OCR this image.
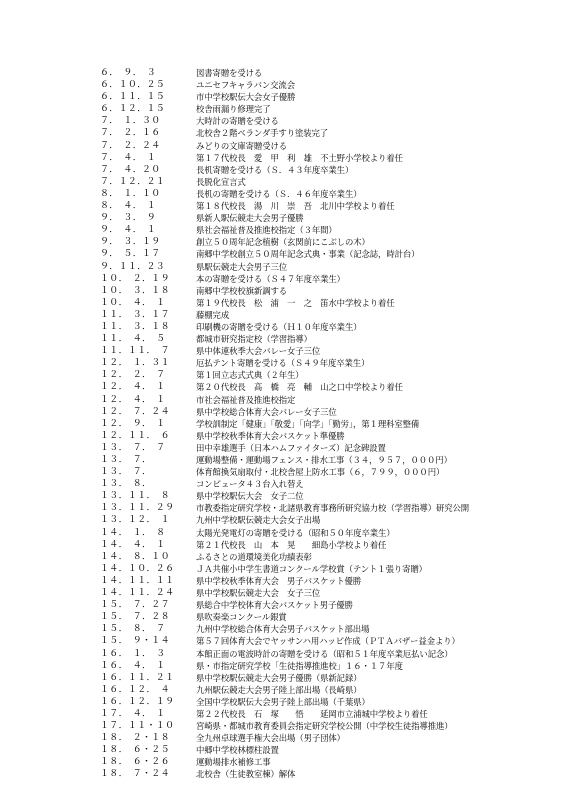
６．　９．　３	図書寄贈を受ける
６．１０．２５	ユニセフキャラバン交流会
６．１１．１５	市中学校駅伝大会女子優勝
６．１２．１５	校舎雨漏り修理完了
７．　１．３０	大時計の寄贈を受ける
７．　２．１６	北校舎２階ベランダ手すり塗装完了
７．　２．２４	みどりの文庫寄贈受ける
７．　４．　１	第１７代校長　愛　甲　利　雄　不土野小学校より着任
７．　４．２０	長机寄贈を受ける（Ｓ．４３年度卒業生）
７．１２．２１	長脱化宣言式
８．　１．１０	長机の寄贈を受ける（Ｓ．４６年度卒業生）
８．　４．　１	第１８代校長　湯　川　崇　吾　北川中学校より着任
９．　３．　９	県新人駅伝競走大会男子優勝
９．　４．　１	県社会福祉普及推進校指定（３年間）
９．　３．１９	創立５０周年記念植樹（玄関前にこぶしの木）
９．　５．１７	南郷中学校創立５０周年記念式典・事業（記念誌，時計台）
９．１１．２３	県駅伝競走大会男子三位
１０．　２．１９	本の寄贈を受ける（Ｓ４７年度卒業生）
１０．　３．１８	南郷中学校校旗新調する
１０．　４．　１	第１９代校長　松　浦　一　之　笛水中学校より着任
１１．　３．１７	藤棚完成
１１．　３．１８	印刷機の寄贈を受ける（Ｈ１０年度卒業生）
１１．　４．　５	都城市研究指定校（学習指導）
１１．１１．　７	県中体連秋季大会バレー女子三位
１２．　１．３１	厄払テント寄贈を受ける（Ｓ４９年度卒業生）
１２．　２．　７	第１回立志式式典（２年生）
１２．　４．　１	第２０代校長　高　橋　亮　輔　山之口中学校より着任
１２．　４．　１	市社会福祉普及推進校指定
１２．　７．２４	県中学校総合体育大会バレー女子三位
１２．　９．　１	学校訓制定「健康」「敬愛」「向学」「勤労」，第１理科室整備
１２．１１．　６	県中学校秋季体育大会バスケット準優勝
１３．　７．　７	田中幸雄選手（日本ハムファイターズ）記念碑設置
１３．　７．	運動場整備・運動場フェンス・排水工事（３４，９５７，０００円）
１３．　７．	体育館換気扇取付・北校舎屋上防水工事（６，７９９，０００円）
１３．　８．	コンピュータ４３台入れ替え
１３．１１．　８	県中学校駅伝大会　女子二位
１３．１１．２９	市教委指定研究学校・北諸県教育事務所研究協力校（学習指導）研究公開
１３．１２．　１	九州中学校駅伝競走大会女子出場
１４．　１．　８	太陽光発電灯の寄贈を受ける（昭和５０年度卒業生）
１４．　４．　１	第２１代校長　山　本　晃　　細島小学校より着任
１４．　８．１０	ふるさとの道環境美化功績表彰
１４．１０．２６	ＪＡ共催小中学生書道コンクール学校賞（テント１張り寄贈）
１４．１１．１１	県中学校秋季体育大会　男子バスケット優勝
１４．１１．２４	県中学校駅伝競走大会　女子三位
１５．　７．２７	県総合中学校体育大会バスケット男子優勝
１５．　７．２８	県吹奏楽コンクール銀賞
１５．　８．　７	九州中学校総合体育大会男子バスケット部出場
１５．　９・１４	第５７回体育大会でヤッサンハ用ハッピ作成（ＰＴＡバザー益金より）
１６．　１．　３	本館正面の電波時計の寄贈を受ける（昭和５１年度卒業厄払い記念）
１６．　４．　１	県・市指定研究学校「生徒指導推進校」１６・１７年度
１６．１１．２１	県中学校駅伝競走大会男子優勝（県新記録）
１６．１２．　４	九州駅伝競走大会男子陸上部出場（長崎県）
１６．１２．１９	全国中学校駅伝大会男子陸上部出場（千葉県）
１７．　４．　１	第２２代校長　石　塚　　悟　　延岡市立浦城中学校より着任
１７．１１・１０	宮崎県・都城市教育委員会指定研究学校公開（中学校生徒指導推進）
１８．　２・１８	全九州卓球選手権大会出場（男子団体）
１８．　６・２５	中郷中学校林標柱設置
１８．　６・２６	運動場排水補修工事
１８．　７・２４	北校舎（生徒教室棟）解体
